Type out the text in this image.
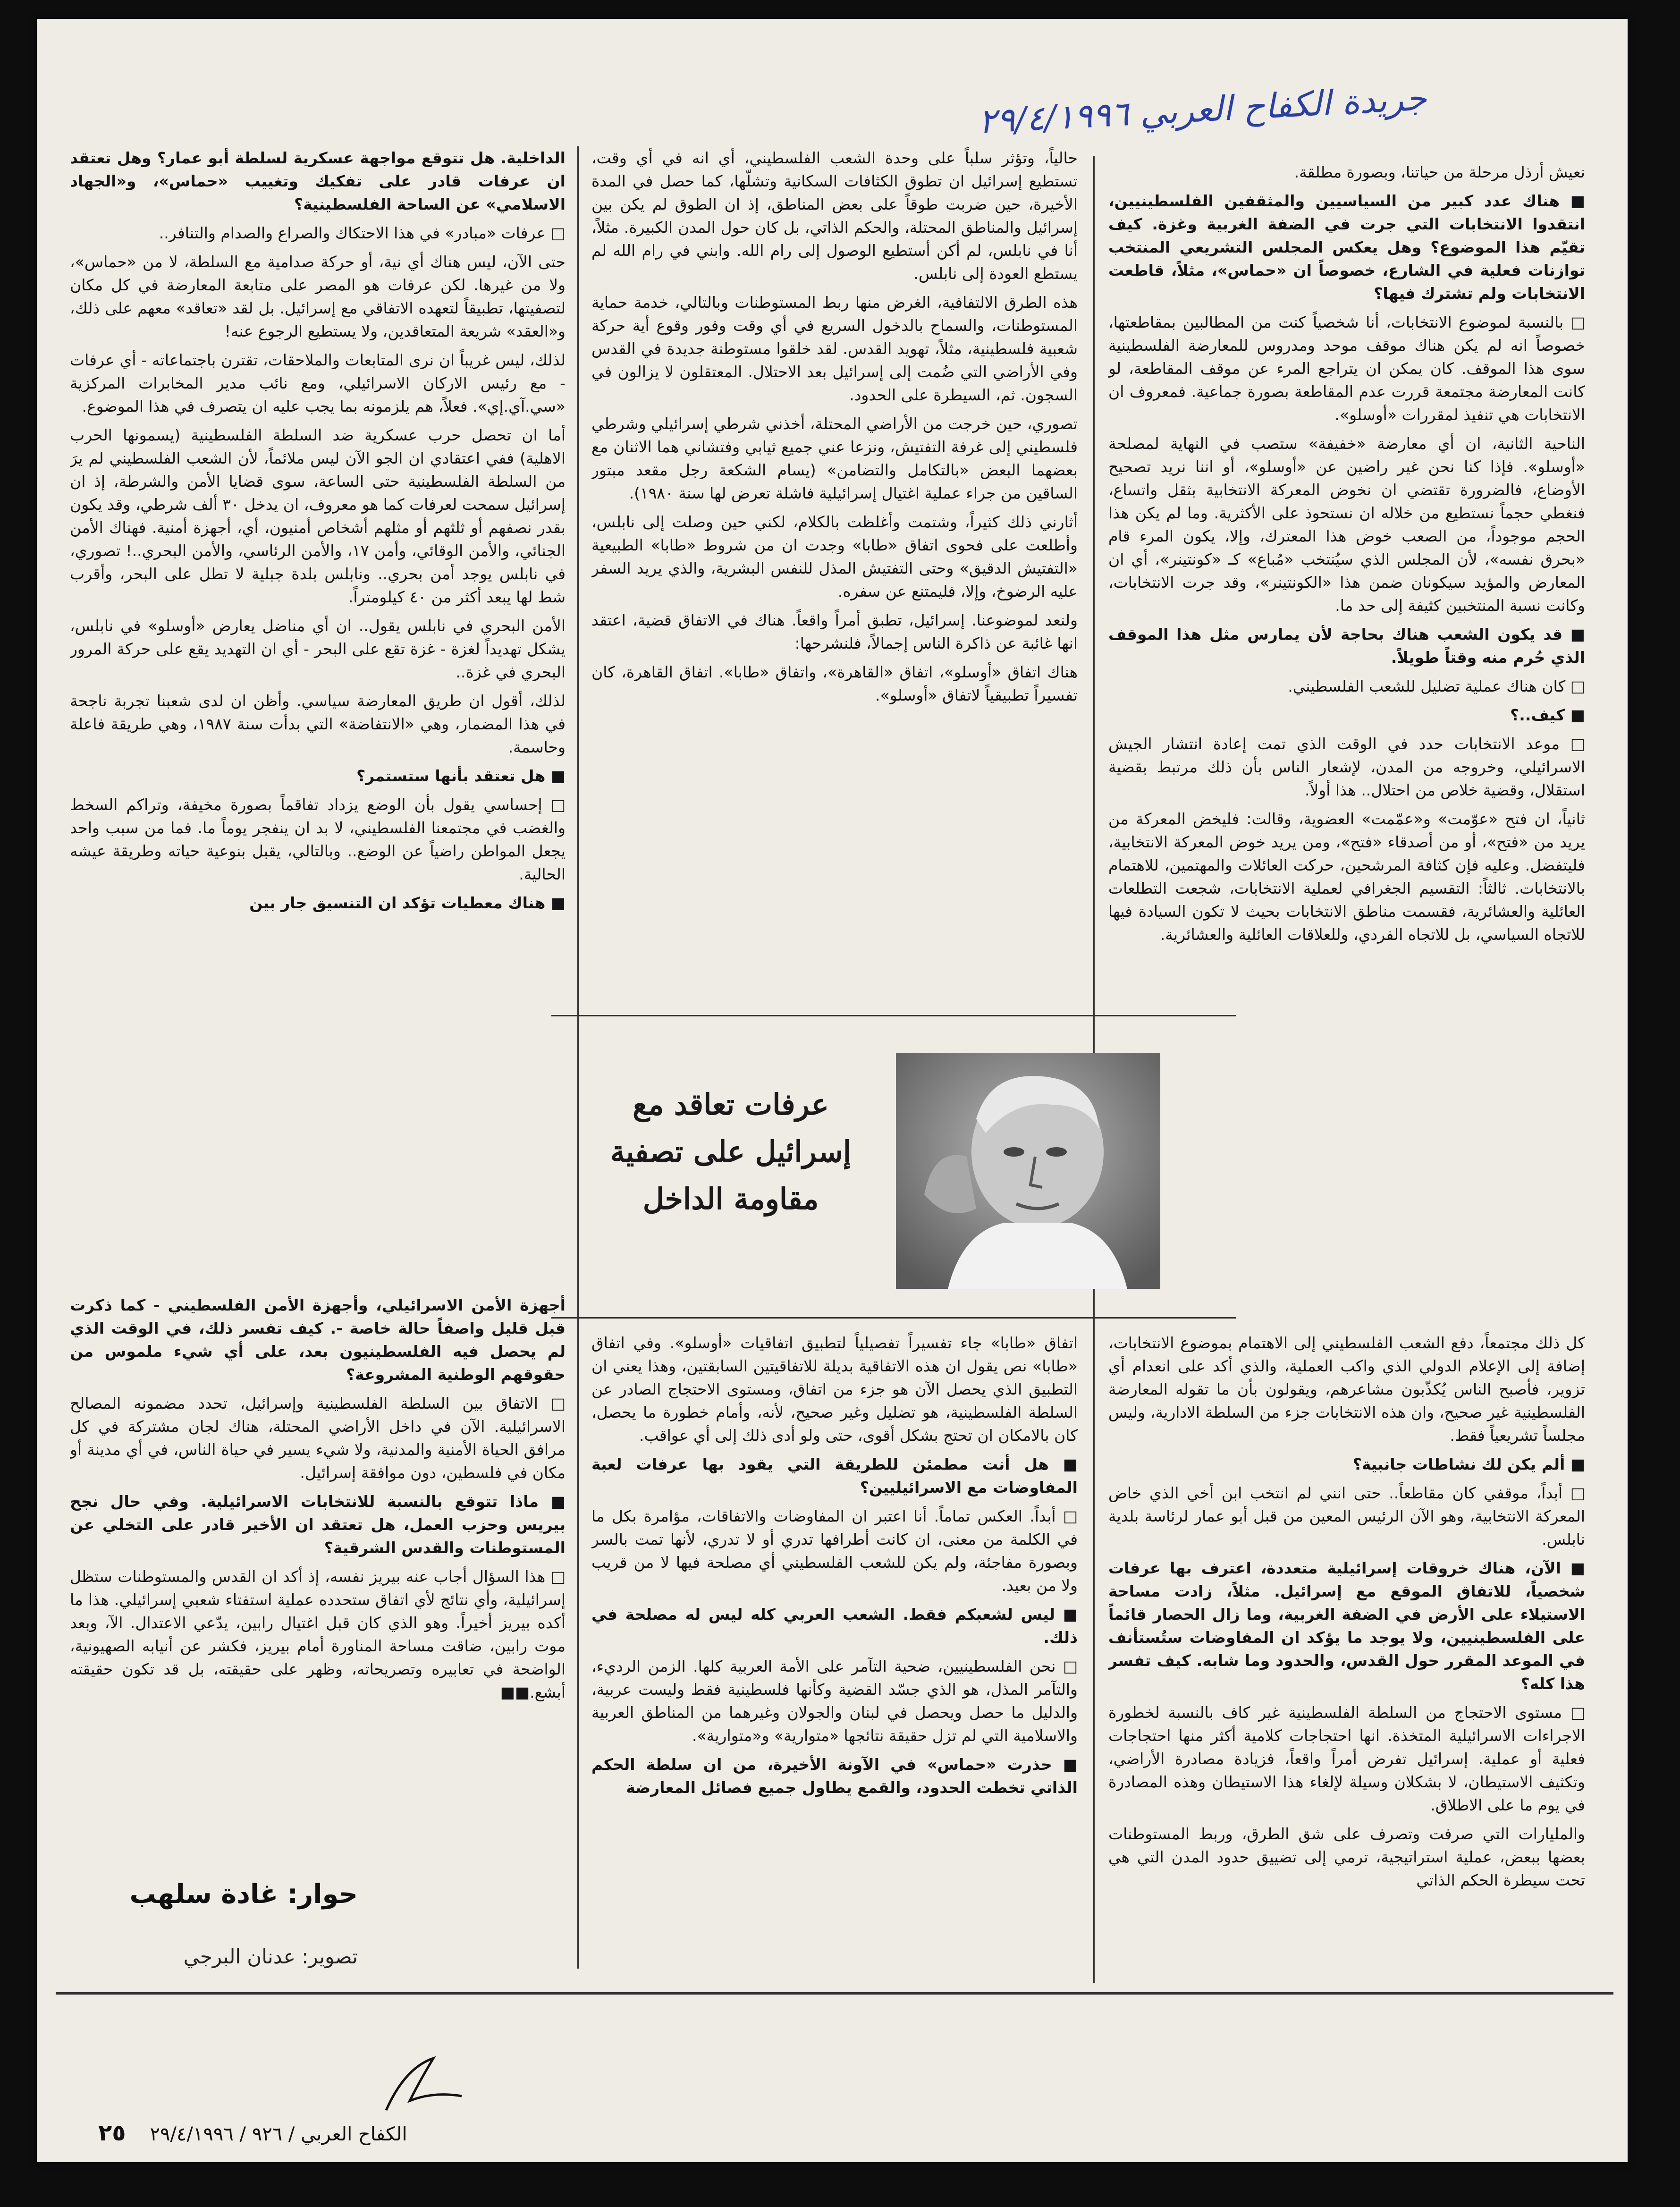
جريدة الكفاح العربي ٢٩/٤/١٩٩٦

نعيش أرذل مرحلة من حياتنا، وبصورة مطلقة.

■ هناك عدد كبير من السياسيين والمثقفين الفلسطينيين، انتقدوا الانتخابات التي جرت في الضفة الغربية وغزة. كيف تقيّم هذا الموضوع؟ وهل يعكس المجلس التشريعي المنتخب توازنات فعلية في الشارع، خصوصاً ان «حماس»، مثلاً، قاطعت الانتخابات ولم تشترك فيها؟

□ بالنسبة لموضوع الانتخابات، أنا شخصياً كنت من المطالبين بمقاطعتها، خصوصاً انه لم يكن هناك موقف موحد ومدروس للمعارضة الفلسطينية سوى هذا الموقف. كان يمكن ان يتراجع المرء عن موقف المقاطعة، لو كانت المعارضة مجتمعة قررت عدم المقاطعة بصورة جماعية. فمعروف ان الانتخابات هي تنفيذ لمقررات «أوسلو».

الناحية الثانية، ان أي معارضة «خفيفة» ستصب في النهاية لمصلحة «أوسلو». فإذا كنا نحن غير راضين عن «أوسلو»، أو اننا نريد تصحيح الأوضاع، فالضرورة تقتضي ان نخوض المعركة الانتخابية بثقل واتساع، فنغطي حجماً نستطيع من خلاله ان نستحوذ على الأكثرية. وما لم يكن هذا الحجم موجوداً، من الصعب خوض هذا المعترك، وإلا، يكون المرء قام «بحرق نفسه»، لأن المجلس الذي سيُنتخب «مُباع» كـ «كونتينر»، أي ان المعارض والمؤيد سيكونان ضمن هذا «الكونتينر»، وقد جرت الانتخابات، وكانت نسبة المنتخبين كثيفة إلى حد ما.

■ قد يكون الشعب هناك بحاجة لأن يمارس مثل هذا الموقف الذي حُرم منه وقتاً طويلاً.

□ كان هناك عملية تضليل للشعب الفلسطيني.

■ كيف..؟

□ موعد الانتخابات حدد في الوقت الذي تمت إعادة انتشار الجيش الاسرائيلي، وخروجه من المدن، لإشعار الناس بأن ذلك مرتبط بقضية استقلال، وقضية خلاص من احتلال.. هذا أولاً.

ثانياً، ان فتح «عوّمت» و«عمّمت» العضوية، وقالت: فليخض المعركة من يريد من «فتح»، أو من أصدقاء «فتح»، ومن يريد خوض المعركة الانتخابية، فليتفضل. وعليه فإن كثافة المرشحين، حركت العائلات والمهتمين، للاهتمام بالانتخابات. ثالثاً: التقسيم الجغرافي لعملية الانتخابات، شجعت التطلعات العائلية والعشائرية، فقسمت مناطق الانتخابات بحيث لا تكون السيادة فيها للاتجاه السياسي، بل للاتجاه الفردي، وللعلاقات العائلية والعشائرية.

حالياً، وتؤثر سلباً على وحدة الشعب الفلسطيني، أي انه في أي وقت، تستطيع إسرائيل ان تطوق الكثافات السكانية وتشلّها، كما حصل في المدة الأخيرة، حين ضربت طوقاً على بعض المناطق، إذ ان الطوق لم يكن بين إسرائيل والمناطق المحتلة، والحكم الذاتي، بل كان حول المدن الكبيرة. مثلاً، أنا في نابلس، لم أكن أستطيع الوصول إلى رام الله. وابني في رام الله لم يستطع العودة إلى نابلس.

هذه الطرق الالتفافية، الغرض منها ربط المستوطنات وبالتالي، خدمة حماية المستوطنات، والسماح بالدخول السريع في أي وقت وفور وقوع أية حركة شعبية فلسطينية، مثلاً، تهويد القدس. لقد خلقوا مستوطنة جديدة في القدس وفي الأراضي التي ضُمت إلى إسرائيل بعد الاحتلال. المعتقلون لا يزالون في السجون. ثم، السيطرة على الحدود.

تصوري، حين خرجت من الأراضي المحتلة، أخذني شرطي إسرائيلي وشرطي فلسطيني إلى غرفة التفتيش، ونزعا عني جميع ثيابي وفتشاني هما الاثنان مع بعضهما البعض «بالتكامل والتضامن» (يسام الشكعة رجل مقعد مبتور الساقين من جراء عملية اغتيال إسرائيلية فاشلة تعرض لها سنة ١٩٨٠).

أثارني ذلك كثيراً، وشتمت وأغلظت بالكلام، لكني حين وصلت إلى نابلس، وأطلعت على فحوى اتفاق «طابا» وجدت ان من شروط «طابا» الطبيعية «التفتيش الدقيق» وحتى التفتيش المذل للنفس البشرية، والذي يريد السفر عليه الرضوخ، وإلا، فليمتنع عن سفره.

ولنعد لموضوعنا. إسرائيل، تطبق أمراً واقعاً. هناك في الاتفاق قضية، اعتقد انها غائبة عن ذاكرة الناس إجمالاً، فلنشرحها:

هناك اتفاق «أوسلو»، اتفاق «القاهرة»، واتفاق «طابا». اتفاق القاهرة، كان تفسيراً تطبيقياً لاتفاق «أوسلو».

الداخلية. هل تتوقع مواجهة عسكرية لسلطة أبو عمار؟ وهل تعتقد ان عرفات قادر على تفكيك وتغييب «حماس»، و«الجهاد الاسلامي» عن الساحة الفلسطينية؟

□ عرفات «مبادر» في هذا الاحتكاك والصراع والصدام والتنافر..

حتى الآن، ليس هناك أي نية، أو حركة صدامية مع السلطة، لا من «حماس»، ولا من غيرها. لكن عرفات هو المصر على متابعة المعارضة في كل مكان لتصفيتها، تطبيقاً لتعهده الاتفاقي مع إسرائيل. بل لقد «تعاقد» معهم على ذلك، و«العقد» شريعة المتعاقدين، ولا يستطيع الرجوع عنه!

لذلك، ليس غريباً ان نرى المتابعات والملاحقات، تقترن باجتماعاته - أي عرفات - مع رئيس الاركان الاسرائيلي، ومع نائب مدير المخابرات المركزية «سي.آي.إي». فعلاً، هم يلزمونه بما يجب عليه ان يتصرف في هذا الموضوع.

أما ان تحصل حرب عسكرية ضد السلطة الفلسطينية (يسمونها الحرب الاهلية) ففي اعتقادي ان الجو الآن ليس ملائماً، لأن الشعب الفلسطيني لم يرَ من السلطة الفلسطينية حتى الساعة، سوى قضايا الأمن والشرطة، إذ ان إسرائيل سمحت لعرفات كما هو معروف، ان يدخل ٣٠ ألف شرطي، وقد يكون بقدر نصفهم أو ثلثهم أو مثلهم أشخاص أمنيون، أي، أجهزة أمنية. فهناك الأمن الجنائي، والأمن الوقائي، وأمن ١٧، والأمن الرئاسي، والأمن البحري..! تصوري، في نابلس يوجد أمن بحري.. ونابلس بلدة جبلية لا تطل على البحر، وأقرب شط لها يبعد أكثر من ٤٠ كيلومتراً.

الأمن البحري في نابلس يقول.. ان أي مناضل يعارض «أوسلو» في نابلس، يشكل تهديداً لغزة - غزة تقع على البحر - أي ان التهديد يقع على حركة المرور البحري في غزة..

لذلك، أقول ان طريق المعارضة سياسي. وأظن ان لدى شعبنا تجربة ناجحة في هذا المضمار، وهي «الانتفاضة» التي بدأت سنة ١٩٨٧، وهي طريقة فاعلة وحاسمة.

■ هل تعتقد بأنها ستستمر؟

□ إحساسي يقول بأن الوضع يزداد تفاقماً بصورة مخيفة، وتراكم السخط والغضب في مجتمعنا الفلسطيني، لا بد ان ينفجر يوماً ما. فما من سبب واحد يجعل المواطن راضياً عن الوضع.. وبالتالي، يقبل بنوعية حياته وطريقة عيشه الحالية.

■ هناك معطيات تؤكد ان التنسيق جار بين

عرفات تعاقد مع
إسرائيل على تصفية
مقاومة الداخل

كل ذلك مجتمعاً، دفع الشعب الفلسطيني إلى الاهتمام بموضوع الانتخابات، إضافة إلى الإعلام الدولي الذي واكب العملية، والذي أكد على انعدام أي تزوير، فأصبح الناس يُكذّبون مشاعرهم، ويقولون بأن ما تقوله المعارضة الفلسطينية غير صحيح، وان هذه الانتخابات جزء من السلطة الادارية، وليس مجلساً تشريعياً فقط.

■ ألم يكن لك نشاطات جانبية؟

□ أبداً، موقفي كان مقاطعاً.. حتى انني لم انتخب ابن أخي الذي خاض المعركة الانتخابية، وهو الآن الرئيس المعين من قبل أبو عمار لرئاسة بلدية نابلس.

■ الآن، هناك خروقات إسرائيلية متعددة، اعترف بها عرفات شخصياً، للاتفاق الموقع مع إسرائيل. مثلاً، زادت مساحة الاستيلاء على الأرض في الضفة الغربية، وما زال الحصار قائماً على الفلسطينيين، ولا يوجد ما يؤكد ان المفاوضات ستُستأنف في الموعد المقرر حول القدس، والحدود وما شابه. كيف تفسر هذا كله؟

□ مستوى الاحتجاج من السلطة الفلسطينية غير كاف بالنسبة لخطورة الاجراءات الاسرائيلية المتخذة. انها احتجاجات كلامية أكثر منها احتجاجات فعلية أو عملية. إسرائيل تفرض أمراً واقعاً، فزيادة مصادرة الأراضي، وتكثيف الاستيطان، لا بشكلان وسيلة لإلغاء هذا الاستيطان وهذه المصادرة في يوم ما على الاطلاق.

والمليارات التي صرفت وتصرف على شق الطرق، وربط المستوطنات بعضها ببعض، عملية استراتيجية، ترمي إلى تضييق حدود المدن التي هي تحت سيطرة الحكم الذاتي

اتفاق «طابا» جاء تفسيراً تفصيلياً لتطبيق اتفاقيات «أوسلو». وفي اتفاق «طابا» نص يقول ان هذه الاتفاقية بديلة للاتفاقيتين السابقتين، وهذا يعني ان التطبيق الذي يحصل الآن هو جزء من اتفاق، ومستوى الاحتجاج الصادر عن السلطة الفلسطينية، هو تضليل وغير صحيح، لأنه، وأمام خطورة ما يحصل، كان بالامكان ان تحتج بشكل أقوى، حتى ولو أدى ذلك إلى أي عواقب.

■ هل أنت مطمئن للطريقة التي يقود بها عرفات لعبة المفاوضات مع الاسرائيليين؟

□ أبداً. العكس تماماً. أنا اعتبر ان المفاوضات والاتفاقات، مؤامرة بكل ما في الكلمة من معنى، ان كانت أطرافها تدري أو لا تدري، لأنها تمت بالسر وبصورة مفاجئة، ولم يكن للشعب الفلسطيني أي مصلحة فيها لا من قريب ولا من بعيد.

■ ليس لشعبكم فقط. الشعب العربي كله ليس له مصلحة في ذلك.

□ نحن الفلسطينيين، ضحية التآمر على الأمة العربية كلها. الزمن الرديء، والتآمر المذل، هو الذي جسّد القضية وكأنها فلسطينية فقط وليست عربية، والدليل ما حصل ويحصل في لبنان والجولان وغيرهما من المناطق العربية والاسلامية التي لم تزل حقيقة نتائجها «متوارية» و«متوارية».

■ حذرت «حماس» في الآونة الأخيرة، من ان سلطة الحكم الذاتي تخطت الحدود، والقمع يطاول جميع فصائل المعارضة

أجهزة الأمن الاسرائيلي، وأجهزة الأمن الفلسطيني - كما ذكرت قبل قليل واصفاً حالة خاصة -. كيف تفسر ذلك، في الوقت الذي لم يحصل فيه الفلسطينيون بعد، على أي شيء ملموس من حقوقهم الوطنية المشروعة؟

□ الاتفاق بين السلطة الفلسطينية وإسرائيل، تحدد مضمونه المصالح الاسرائيلية. الآن في داخل الأراضي المحتلة، هناك لجان مشتركة في كل مرافق الحياة الأمنية والمدنية، ولا شيء يسير في حياة الناس، في أي مدينة أو مكان في فلسطين، دون موافقة إسرائيل.

■ ماذا تتوقع بالنسبة للانتخابات الاسرائيلية. وفي حال نجح بيريس وحزب العمل، هل تعتقد ان الأخير قادر على التخلي عن المستوطنات والقدس الشرقية؟

□ هذا السؤال أجاب عنه بيريز نفسه، إذ أكد ان القدس والمستوطنات ستظل إسرائيلية، وأي نتائج لأي اتفاق ستحدده عملية استفتاء شعبي إسرائيلي. هذا ما أكده بيريز أخيراً. وهو الذي كان قبل اغتيال رابين، يدّعي الاعتدال. الآ، وبعد موت رابين، ضاقت مساحة المناورة أمام بيريز، فكشر عن أنيابه الصهيونية، الواضحة في تعابيره وتصريحاته، وظهر على حقيقته، بل قد تكون حقيقته أبشع.■■

حوار: غادة سلهب
تصوير: عدنان البرجي
الكفاح العربي / ٩٢٦ / ٢٩/٤/١٩٩٦    ٢٥
